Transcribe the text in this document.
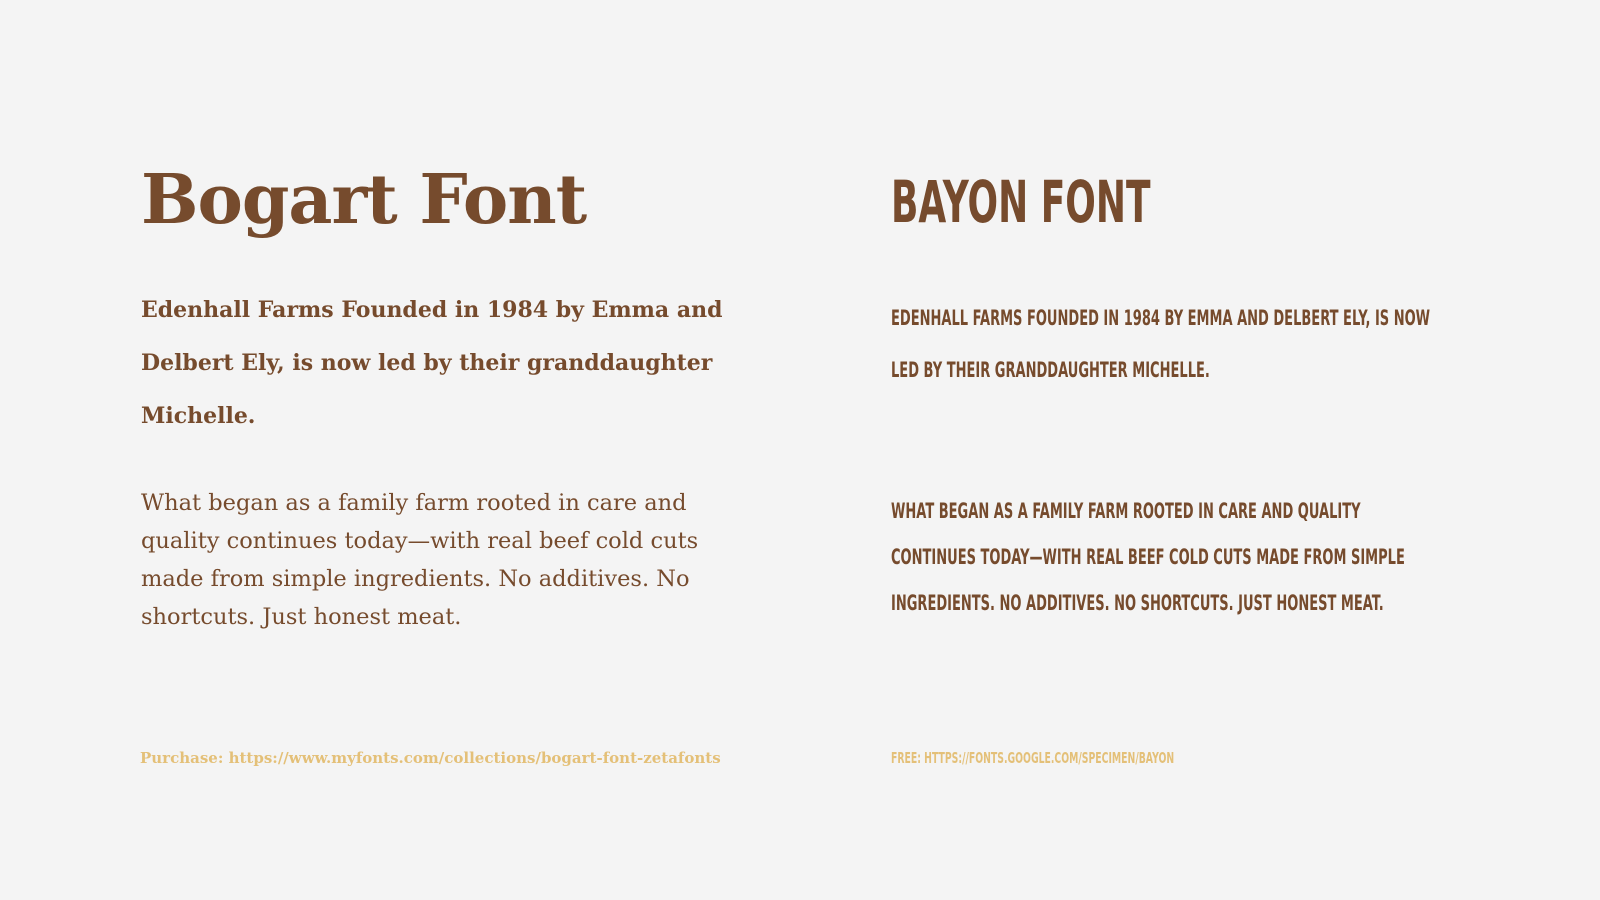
Bogart Font

Edenhall Farms Founded in 1984 by Emma and Delbert Ely, is now led by their granddaughter Michelle.

What began as a family farm rooted in care and quality continues today—with real beef cold cuts made from simple ingredients. No additives. No shortcuts. Just honest meat.

Purchase: https://www.myfonts.com/collections/bogart-font-zetafonts

BAYON FONT

EDENHALL FARMS FOUNDED IN 1984 BY EMMA AND DELBERT ELY, IS NOW LED BY THEIR GRANDDAUGHTER MICHELLE.

WHAT BEGAN AS A FAMILY FARM ROOTED IN CARE AND QUALITY CONTINUES TODAY—WITH REAL BEEF COLD CUTS MADE FROM SIMPLE INGREDIENTS. NO ADDITIVES. NO SHORTCUTS. JUST HONEST MEAT.

FREE: HTTPS://FONTS.GOOGLE.COM/SPECIMEN/BAYON
